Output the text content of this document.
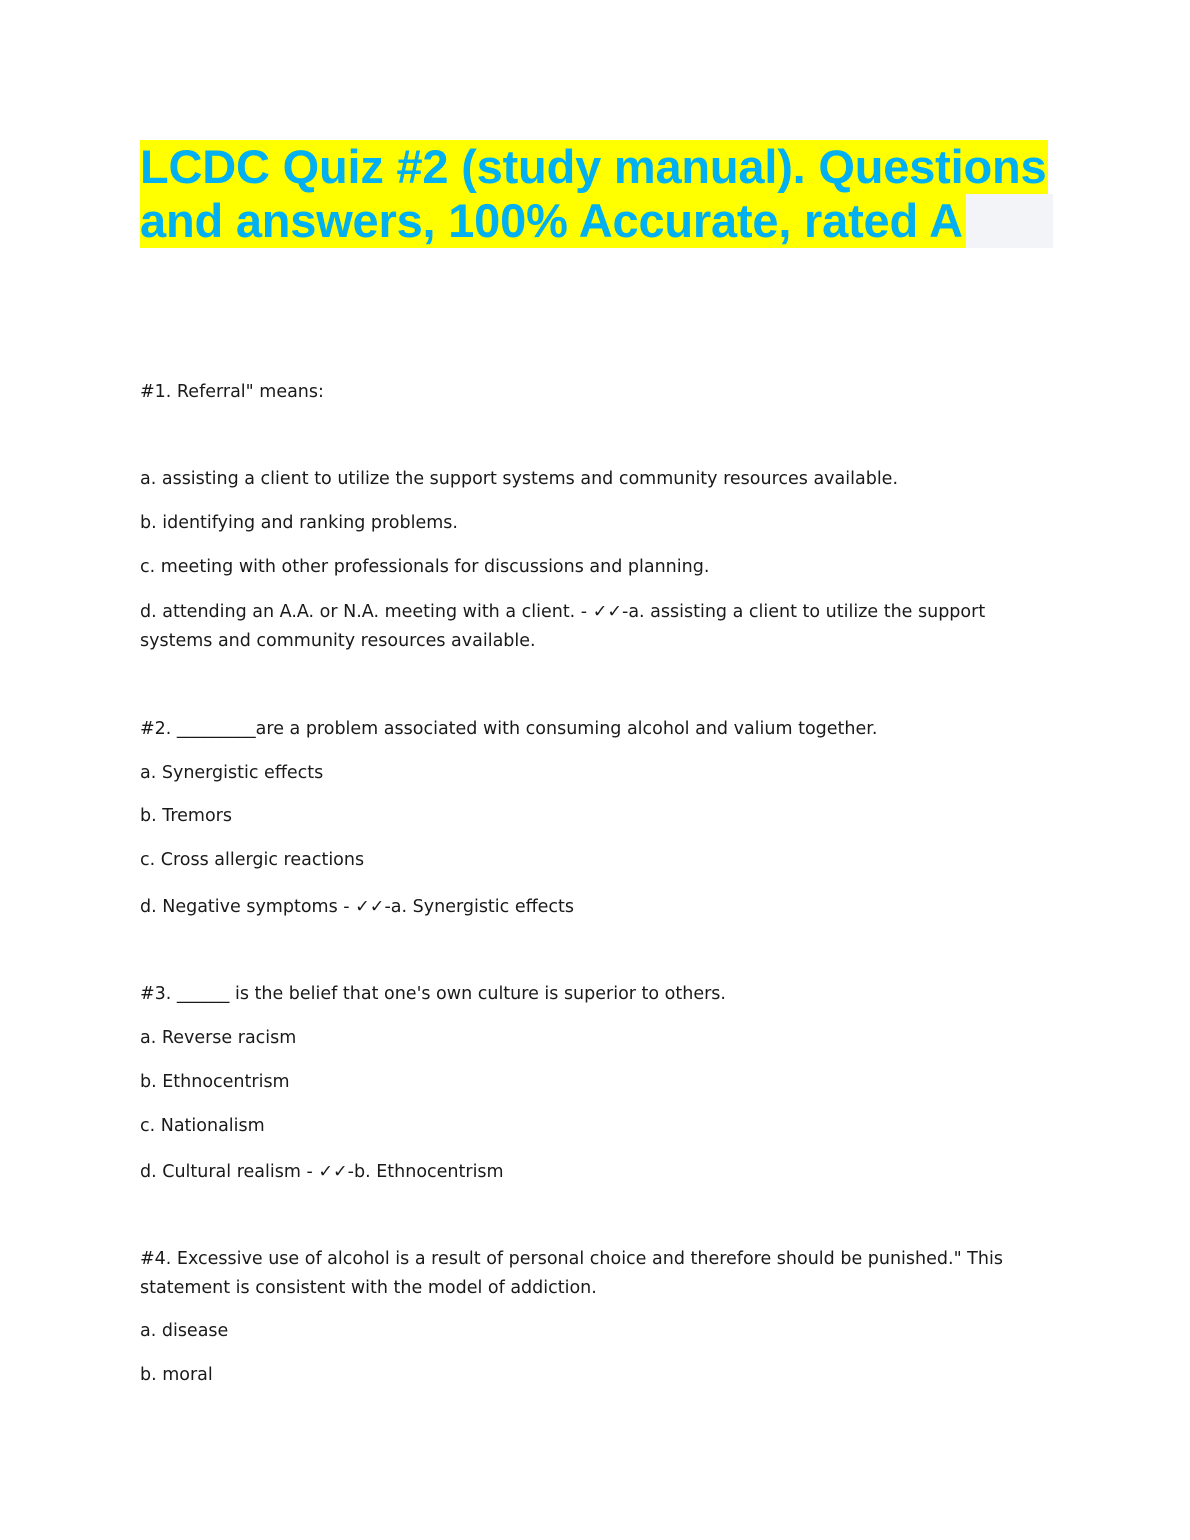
LCDC Quiz #2 (study manual). Questions
and answers, 100% Accurate, rated A
#1. Referral" means:
a. assisting a client to utilize the support systems and community resources available.
b. identifying and ranking problems.
c. meeting with other professionals for discussions and planning.
d. attending an A.A. or N.A. meeting with a client. - ✓✓-a. assisting a client to utilize the support systems and community resources available.
#2. _________are a problem associated with consuming alcohol and valium together.
a. Synergistic effects
b. Tremors
c. Cross allergic reactions
d. Negative symptoms - ✓✓-a. Synergistic effects
#3. ______ is the belief that one's own culture is superior to others.
a. Reverse racism
b. Ethnocentrism
c. Nationalism
d. Cultural realism - ✓✓-b. Ethnocentrism
#4. Excessive use of alcohol is a result of personal choice and therefore should be punished." This statement is consistent with the model of addiction.
a. disease
b. moral
